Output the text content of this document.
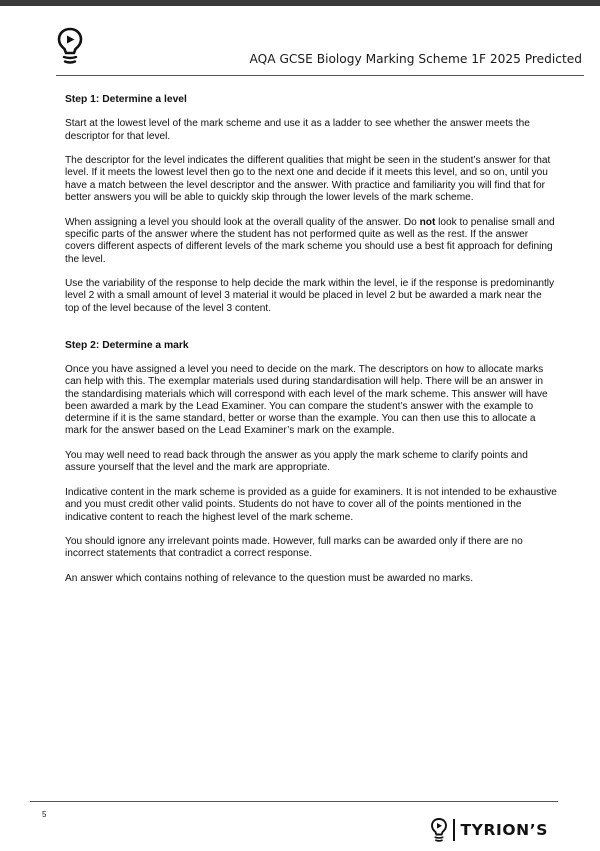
AQA GCSE Biology Marking Scheme 1F 2025 Predicted
Step 1: Determine a level

Start at the lowest level of the mark scheme and use it as a ladder to see whether the answer meets the descriptor for that level.

The descriptor for the level indicates the different qualities that might be seen in the student’s answer for that level. If it meets the lowest level then go to the next one and decide if it meets this level, and so on, until you have a match between the level descriptor and the answer. With practice and familiarity you will find that for better answers you will be able to quickly skip through the lower levels of the mark scheme.

When assigning a level you should look at the overall quality of the answer. Do not look to penalise small and specific parts of the answer where the student has not performed quite as well as the rest. If the answer covers different aspects of different levels of the mark scheme you should use a best fit approach for defining the level.

Use the variability of the response to help decide the mark within the level, ie if the response is predominantly level 2 with a small amount of level 3 material it would be placed in level 2 but be awarded a mark near the top of the level because of the level 3 content.

Step 2: Determine a mark

Once you have assigned a level you need to decide on the mark. The descriptors on how to allocate marks can help with this. The exemplar materials used during standardisation will help. There will be an answer in the standardising materials which will correspond with each level of the mark scheme. This answer will have been awarded a mark by the Lead Examiner. You can compare the student’s answer with the example to determine if it is the same standard, better or worse than the example. You can then use this to allocate a mark for the answer based on the Lead Examiner’s mark on the example.

You may well need to read back through the answer as you apply the mark scheme to clarify points and assure yourself that the level and the mark are appropriate.

Indicative content in the mark scheme is provided as a guide for examiners. It is not intended to be exhaustive and you must credit other valid points. Students do not have to cover all of the points mentioned in the indicative content to reach the highest level of the mark scheme.

You should ignore any irrelevant points made. However, full marks can be awarded only if there are no incorrect statements that contradict a correct response.

An answer which contains nothing of relevance to the question must be awarded no marks.

5
TYRION’S
